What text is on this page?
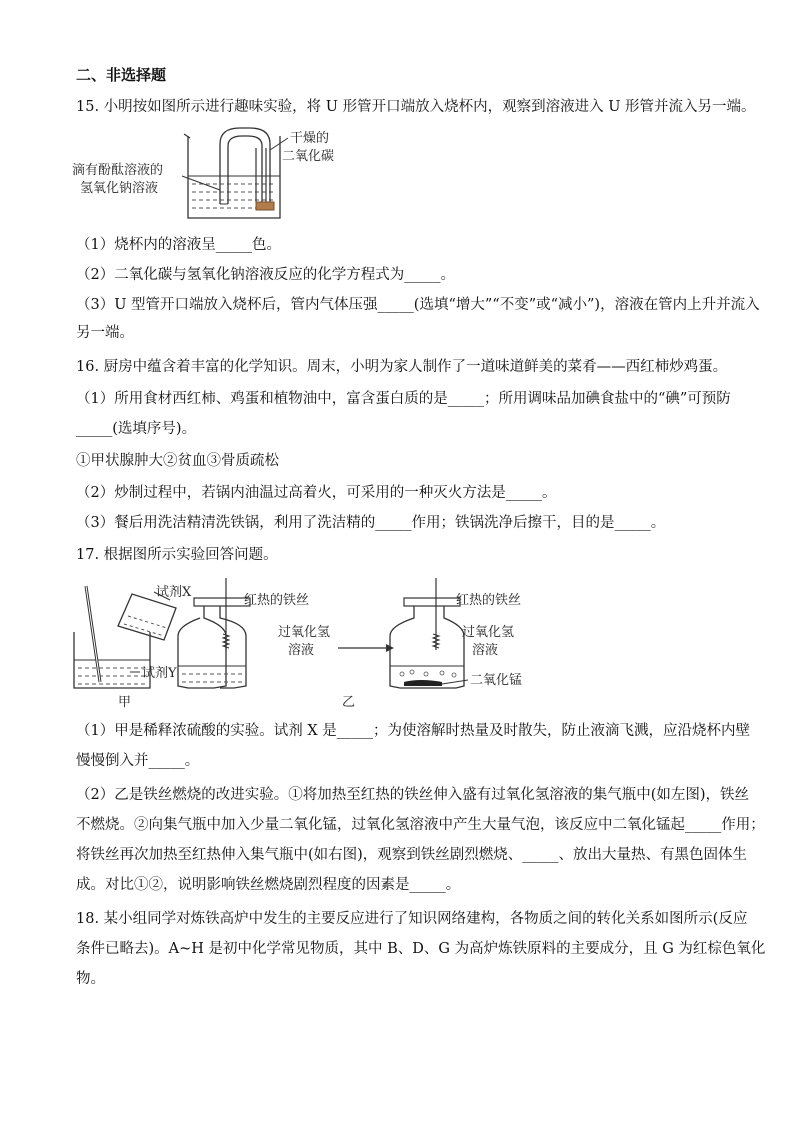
二、非选择题
15. 小明按如图所示进行趣味实验，将 U 形管开口端放入烧杯内，观察到溶液进入 U 形管并流入另一端。
滴有酚酞溶液的
氢氧化钠溶液
干燥的
二氧化碳
（1）烧杯内的溶液呈_____色。
（2）二氧化碳与氢氧化钠溶液反应的化学方程式为_____。
（3）U 型管开口端放入烧杯后，管内气体压强_____(选填“增大”“不变”或“减小”)，溶液在管内上升并流入
另一端。
16. 厨房中蕴含着丰富的化学知识。周末，小明为家人制作了一道味道鲜美的菜肴——西红柿炒鸡蛋。
（1）所用食材西红柿、鸡蛋和植物油中，富含蛋白质的是_____；所用调味品加碘食盐中的“碘”可预防
_____(选填序号)。
①甲状腺肿大②贫血③骨质疏松
（2）炒制过程中，若锅内油温过高着火，可采用的一种灭火方法是_____。
（3）餐后用洗洁精清洗铁锅，利用了洗洁精的_____作用；铁锅洗净后擦干，目的是_____。
17. 根据图所示实验回答问题。
试剂X
试剂Y
甲
红热的铁丝
过氧化氢
溶液
红热的铁丝
过氧化氢
溶液
二氧化锰
乙
（1）甲是稀释浓硫酸的实验。试剂 X 是_____；为使溶解时热量及时散失，防止液滴飞溅，应沿烧杯内壁
慢慢倒入并_____。
（2）乙是铁丝燃烧的改进实验。①将加热至红热的铁丝伸入盛有过氧化氢溶液的集气瓶中(如左图)，铁丝
不燃烧。②向集气瓶中加入少量二氧化锰，过氧化氢溶液中产生大量气泡，该反应中二氧化锰起_____作用；
将铁丝再次加热至红热伸入集气瓶中(如右图)，观察到铁丝剧烈燃烧、_____、放出大量热、有黑色固体生
成。对比①②，说明影响铁丝燃烧剧烈程度的因素是_____。
18. 某小组同学对炼铁高炉中发生的主要反应进行了知识网络建构，各物质之间的转化关系如图所示(反应
条件已略去)。A~H 是初中化学常见物质，其中 B、D、G 为高炉炼铁原料的主要成分，且 G 为红棕色氧化
物。
